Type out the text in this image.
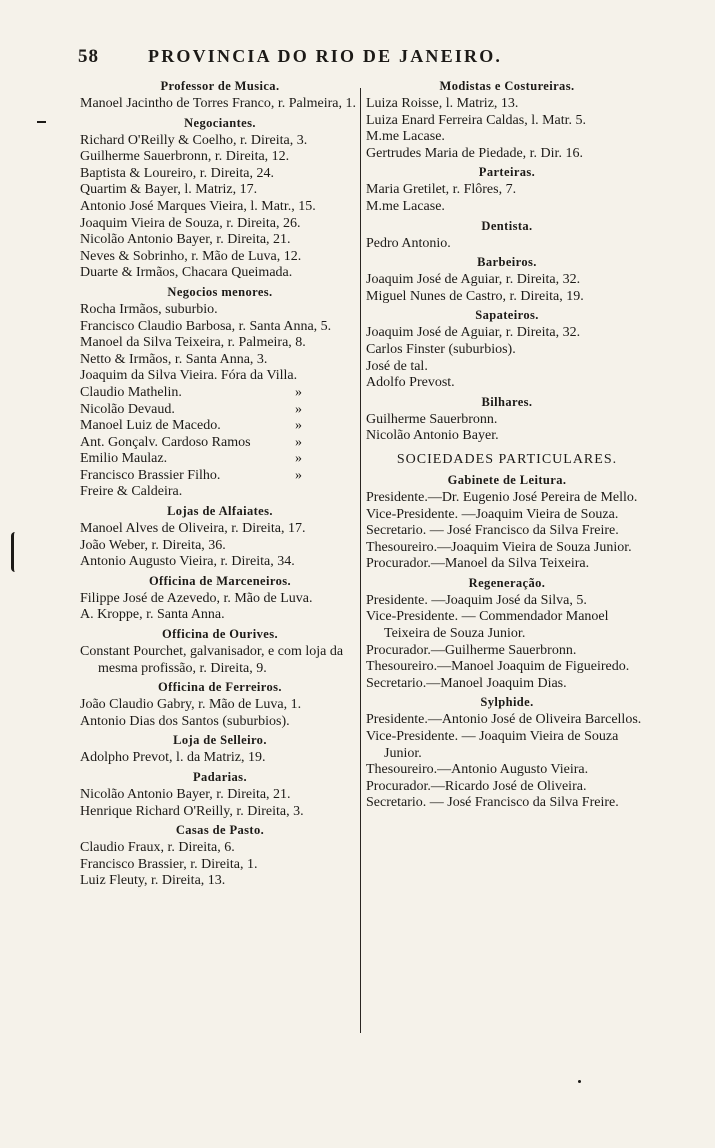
58	PROVINCIA DO RIO DE JANEIRO.
Professor de Musica.
Manoel Jacintho de Torres Franco, r. Palmeira, 1.
Negociantes.
Richard O'Reilly & Coelho, r. Direita, 3.
Guilherme Sauerbronn, r. Direita, 12.
Baptista & Loureiro, r. Direita, 24.
Quartim & Bayer, l. Matriz, 17.
Antonio José Marques Vieira, l. Matr., 15.
Joaquim Vieira de Souza, r. Direita, 26.
Nicolão Antonio Bayer, r. Direita, 21.
Neves & Sobrinho, r. Mão de Luva, 12.
Duarte & Irmãos, Chacara Queimada.
Negocios menores.
Rocha Irmãos, suburbio.
Francisco Claudio Barbosa, r. Santa Anna, 5.
Manoel da Silva Teixeira, r. Palmeira, 8.
Netto & Irmãos, r. Santa Anna, 3.
Joaquim da Silva Vieira. Fóra da Villa.
»
Claudio Mathelin.
»
Nicolão Devaud.
»
Manoel Luiz de Macedo.
»
Ant. Gonçalv. Cardoso Ramos
»
Emilio Maulaz.
»
Francisco Brassier Filho.
Freire & Caldeira.
Lojas de Alfaiates.
Manoel Alves de Oliveira, r. Direita, 17.
João Weber, r. Direita, 36.
Antonio Augusto Vieira, r. Direita, 34.
Officina de Marceneiros.
Filippe José de Azevedo, r. Mão de Luva.
A. Kroppe, r. Santa Anna.
Officina de Ourives.
Constant Pourchet, galvanisador, e com loja da mesma profissão, r. Direita, 9.
Officina de Ferreiros.
João Claudio Gabry, r. Mão de Luva, 1.
Antonio Dias dos Santos (suburbios).
Loja de Selleiro.
Adolpho Prevot, l. da Matriz, 19.
Padarias.
Nicolão Antonio Bayer, r. Direita, 21.
Henrique Richard O'Reilly, r. Direita, 3.
Casas de Pasto.
Claudio Fraux, r. Direita, 6.
Francisco Brassier, r. Direita, 1.
Luiz Fleuty, r. Direita, 13.
Modistas e Costureiras.
Luiza Roisse, l. Matriz, 13.
Luiza Enard Ferreira Caldas, l. Matr. 5.
M.me Lacase.
Gertrudes Maria de Piedade, r. Dir. 16.
Parteiras.
Maria Gretilet, r. Flôres, 7.
M.me Lacase.
Dentista.
Pedro Antonio.
Barbeiros.
Joaquim José de Aguiar, r. Direita, 32.
Miguel Nunes de Castro, r. Direita, 19.
Sapateiros.
Joaquim José de Aguiar, r. Direita, 32.
Carlos Finster (suburbios).
José de tal.
Adolfo Prevost.
Bilhares.
Guilherme Sauerbronn.
Nicolão Antonio Bayer.
SOCIEDADES PARTICULARES.
Gabinete de Leitura.
Presidente.—Dr. Eugenio José Pereira de Mello.
Vice-Presidente. —Joaquim Vieira de Souza.
Secretario. — José Francisco da Silva Freire.
Thesoureiro.—Joaquim Vieira de Souza Junior.
Procurador.—Manoel da Silva Teixeira.
Regeneração.
Presidente. —Joaquim José da Silva, 5.
Vice-Presidente. — Commendador Manoel Teixeira de Souza Junior.
Procurador.—Guilherme Sauerbronn.
Thesoureiro.—Manoel Joaquim de Figueiredo.
Secretario.—Manoel Joaquim Dias.
Sylphide.
Presidente.—Antonio José de Oliveira Barcellos.
Vice-Presidente. — Joaquim Vieira de Souza Junior.
Thesoureiro.—Antonio Augusto Vieira.
Procurador.—Ricardo José de Oliveira.
Secretario. — José Francisco da Silva Freire.
